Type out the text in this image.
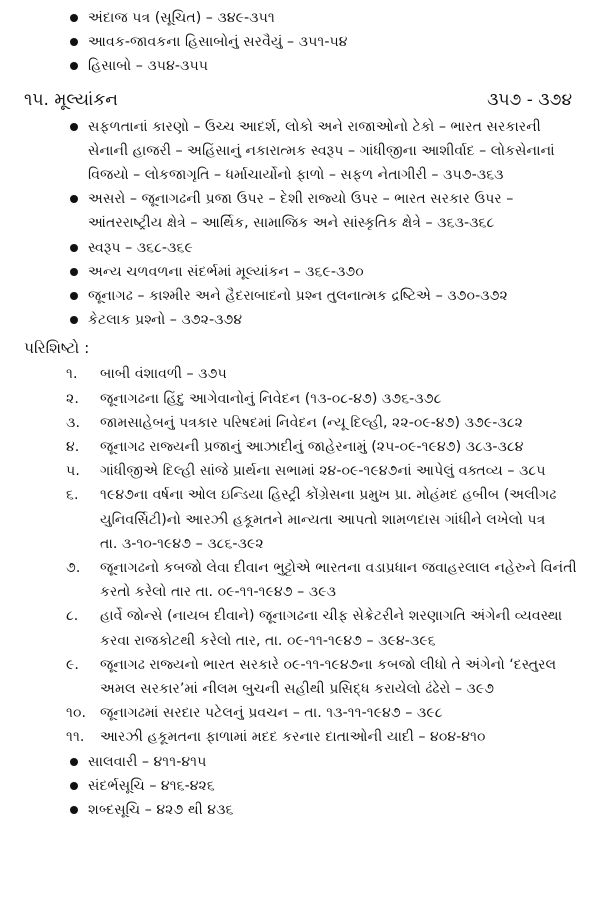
અંદાજ પત્ર (સૂચિત) – ૩૪૯-૩૫૧
આવક-જાવકના હિસાબોનું સરવૈયું – ૩૫૧-૫૪
હિસાબો – ૩૫૪-૩૫૫
૧૫. મૂલ્યાંકન	૩૫૭ - ૩૭૪
સફળતાનાં કારણો – ઉચ્ચ આદર્શ, લોકો અને રાજાઓનો ટેકો – ભારત સરકારની
સેનાની હાજરી – અહિંસાનું નકારાત્મક સ્વરૂપ – ગાંધીજીના આશીર્વાદ – લોકસેનાનાં
વિજયો – લોકજાગૃતિ – ધર્માચાર્યોનો ફાળો – સફળ નેતાગીરી – ૩૫૭-૩૬૩
અસરો – જૂનાગઢની પ્રજા ઉપર – દેશી રાજ્યો ઉપર – ભારત સરકાર ઉપર –
આંતરરાષ્ટ્રીય ક્ષેત્રે – આર્થિક, સામાજિક અને સાંસ્કૃતિક ક્ષેત્રે – ૩૬૩-૩૬૮
સ્વરૂપ – ૩૬૮-૩૬૯
અન્ય ચળવળના સંદર્ભમાં મૂલ્યાંકન – ૩૬૯-૩૭૦
જૂનાગઢ – કાશ્મીર અને હૈદરાબાદનો પ્રશ્ન તુલનાત્મક દ્રષ્ટિએ – ૩૭૦-૩૭૨
કેટલાક પ્રશ્નો – ૩૭૨-૩૭૪
પરિશિષ્ટો :
૧.	બાબી વંશાવળી – ૩૭૫
૨.	જૂનાગઢના હિંદુ આગેવાનોનું નિવેદન (૧૩-૦૮-૪૭) ૩૭૬-૩૭૮
૩.	જામસાહેબનું પત્રકાર પરિષદમાં નિવેદન (ન્યૂ દિલ્હી, ૨૨-૦૯-૪૭) ૩૭૯-૩૮૨
૪.	જૂનાગઢ રાજ્યની પ્રજાનું આઝાદીનું જાહેરનામું (૨૫-૦૯-૧૯૪૭) ૩૮૩-૩૮૪
૫.	ગાંધીજીએ દિલ્હી સાંજે પ્રાર્થના સભામાં ૨૪-૦૯-૧૯૪૭નાં આપેલું વક્તવ્ય – ૩૮૫
૬.	૧૯૪૭ના વર્ષના ઓલ ઇન્ડિયા હિસ્ટ્રી કોંગ્રેસના પ્રમુખ પ્રા. મોહંમદ હબીબ (અલીગઢ
યુનિવર્સિટી)નો આરઝી હકૂમતને માન્યતા આપતો શામળદાસ ગાંધીને લખેલો પત્ર
તા. ૩-૧૦-૧૯૪૭ – ૩૮૬-૩૯૨
૭.	જૂનાગઢનો કબજો લેવા દીવાન ભુટ્ટોએ ભારતના વડાપ્રધાન જવાહરલાલ નહેરુને વિનંતી
કરતો કરેલો તાર તા. ૦૯-૧૧-૧૯૪૭ – ૩૯૩
૮.	હાર્વે જોન્સે (નાયબ દીવાને) જૂનાગઢના ચીફ સેક્રેટરીને શરણાગતિ અંગેની વ્યવસ્થા
કરવા રાજકોટથી કરેલો તાર, તા. ૦૯-૧૧-૧૯૪૭ – ૩૯૪-૩૯૬
૯.	જૂનાગઢ રાજ્યનો ભારત સરકારે ૦૯-૧૧-૧૯૪૭ના કબજો લીધો તે અંગેનો ‘દસ્તુરલ
અમલ સરકાર’માં નીલમ બુચની સહીથી પ્રસિદ્ધ કરાયેલો ઢંઢેરો – ૩૯૭
૧૦. જૂનાગઢમાં સરદાર પટેલનું પ્રવચન – તા. ૧૩-૧૧-૧૯૪૭ – ૩૯૮
૧૧.	આરઝી હકૂમતના ફાળામાં મદદ કરનાર દાતાઓની યાદી – ૪૦૪-૪૧૦
સાલવારી – ૪૧૧-૪૧૫
સંદર્ભસૂચિ – ૪૧૬-૪૨૬
શબ્દસૂચિ – ૪૨૭ થી ૪૩૬
